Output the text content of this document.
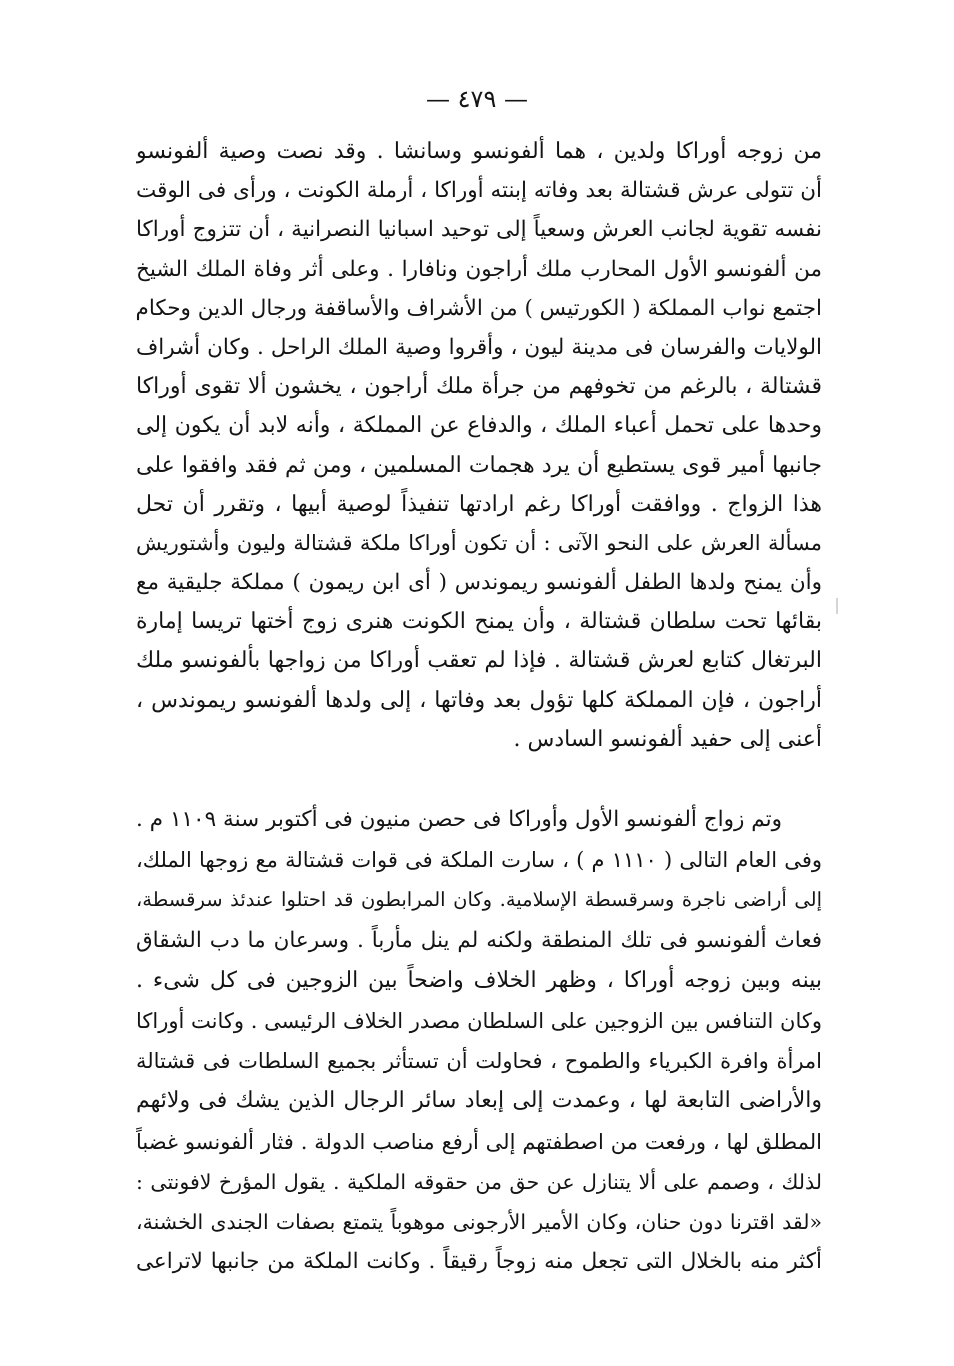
— ٤٧٩ —
من زوجه أوراكا ولدين ، هما ألفونسو وسانشا . وقد نصت وصية ألفونسو
أن تتولى عرش قشتالة بعد وفاته إبنته أوراكا ، أرملة الكونت ، ورأى فى الوقت
نفسه تقوية لجانب العرش وسعياً إلى توحيد اسبانيا النصرانية ، أن تتزوج أوراكا
من ألفونسو الأول المحارب ملك أراجون ونافارا . وعلى أثر وفاة الملك الشيخ
اجتمع نواب المملكة ( الكورتيس ) من الأشراف والأساقفة ورجال الدين وحكام
الولايات والفرسان فى مدينة ليون ، وأقروا وصية الملك الراحل . وكان أشراف
قشتالة ، بالرغم من تخوفهم من جرأة ملك أراجون ، يخشون ألا تقوى أوراكا
وحدها على تحمل أعباء الملك ، والدفاع عن المملكة ، وأنه لابد أن يكون إلى
جانبها أمير قوى يستطيع أن يرد هجمات المسلمين ، ومن ثم فقد وافقوا على
هذا الزواج . ووافقت أوراكا رغم ارادتها تنفيذاً لوصية أبيها ، وتقرر أن تحل
مسألة العرش على النحو الآتى : أن تكون أوراكا ملكة قشتالة وليون وأشتوريش
وأن يمنح ولدها الطفل ألفونسو ريموندس ( أى ابن ريمون ) مملكة جليقية مع
بقائها تحت سلطان قشتالة ، وأن يمنح الكونت هنرى زوج أختها تريسا إمارة
البرتغال كتابع لعرش قشتالة . فإذا لم تعقب أوراكا من زواجها بألفونسو ملك
أراجون ، فإن المملكة كلها تؤول بعد وفاتها ، إلى ولدها ألفونسو ريموندس ،
أعنى إلى حفيد ألفونسو السادس .
وتم زواج ألفونسو الأول وأوراكا فى حصن منيون فى أكتوبر سنة ١١٠٩ م .
وفى العام التالى ( ١١١٠ م ) ، سارت الملكة فى قوات قشتالة مع زوجها الملك،
إلى أراضى ناجرة وسرقسطة الإسلامية. وكان المرابطون قد احتلوا عندئذ سرقسطة،
فعاث ألفونسو فى تلك المنطقة ولكنه لم ينل مأرباً . وسرعان ما دب الشقاق
بينه وبين زوجه أوراكا ، وظهر الخلاف واضحاً بين الزوجين فى كل شىء .
وكان التنافس بين الزوجين على السلطان مصدر الخلاف الرئيسى . وكانت أوراكا
امرأة وافرة الكبرياء والطموح ، فحاولت أن تستأثر بجميع السلطات فى قشتالة
والأراضى التابعة لها ، وعمدت إلى إبعاد سائر الرجال الذين يشك فى ولائهم
المطلق لها ، ورفعت من اصطفتهم إلى أرفع مناصب الدولة . فثار ألفونسو غضباً
لذلك ، وصمم على ألا يتنازل عن حق من حقوقه الملكية . يقول المؤرخ لافونتى :
«لقد اقترنا دون حنان، وكان الأمير الأرجونى موهوباً يتمتع بصفات الجندى الخشنة،
أكثر منه بالخلال التى تجعل منه زوجاً رقيقاً . وكانت الملكة من جانبها لاتراعى
